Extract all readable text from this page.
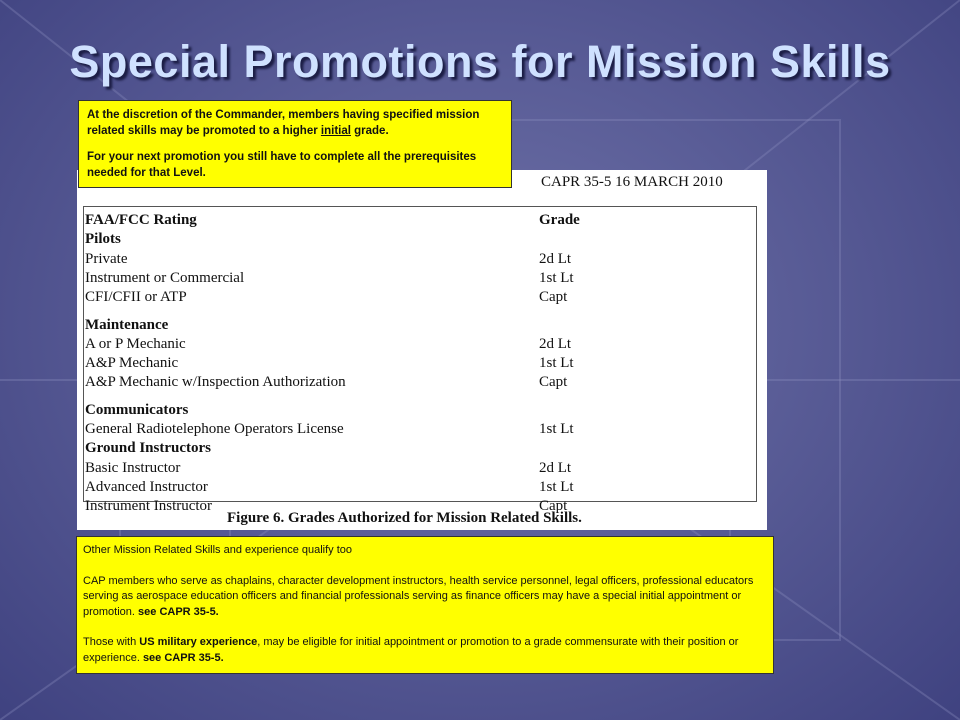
Special Promotions for Mission Skills
CAPR 35-5 16 MARCH 2010
FAA/FCC Rating	Grade
Pilots
Private	2d Lt
Instrument or Commercial	1st Lt
CFI/CFII or ATP	Capt
Maintenance
A or P Mechanic	2d Lt
A&P Mechanic	1st Lt
A&P Mechanic w/Inspection Authorization	Capt
Communicators
General Radiotelephone Operators License	1st Lt
Ground Instructors
Basic Instructor	2d Lt
Advanced Instructor	1st Lt
Instrument Instructor	Capt
Figure 6. Grades Authorized for Mission Related Skills.

At the discretion of the Commander, members having specified mission related skills may be promoted to a higher initial grade.

For your next promotion you still have to complete all the prerequisites needed for that Level.

Other Mission Related Skills and experience qualify too

CAP members who serve as chaplains, character development instructors, health service personnel, legal officers, professional educators serving as aerospace education officers and financial professionals serving as finance officers may have a special initial appointment or promotion. see CAPR 35-5.

Those with US military experience, may be eligible for initial appointment or promotion to a grade commensurate with their position or experience. see CAPR 35-5.
